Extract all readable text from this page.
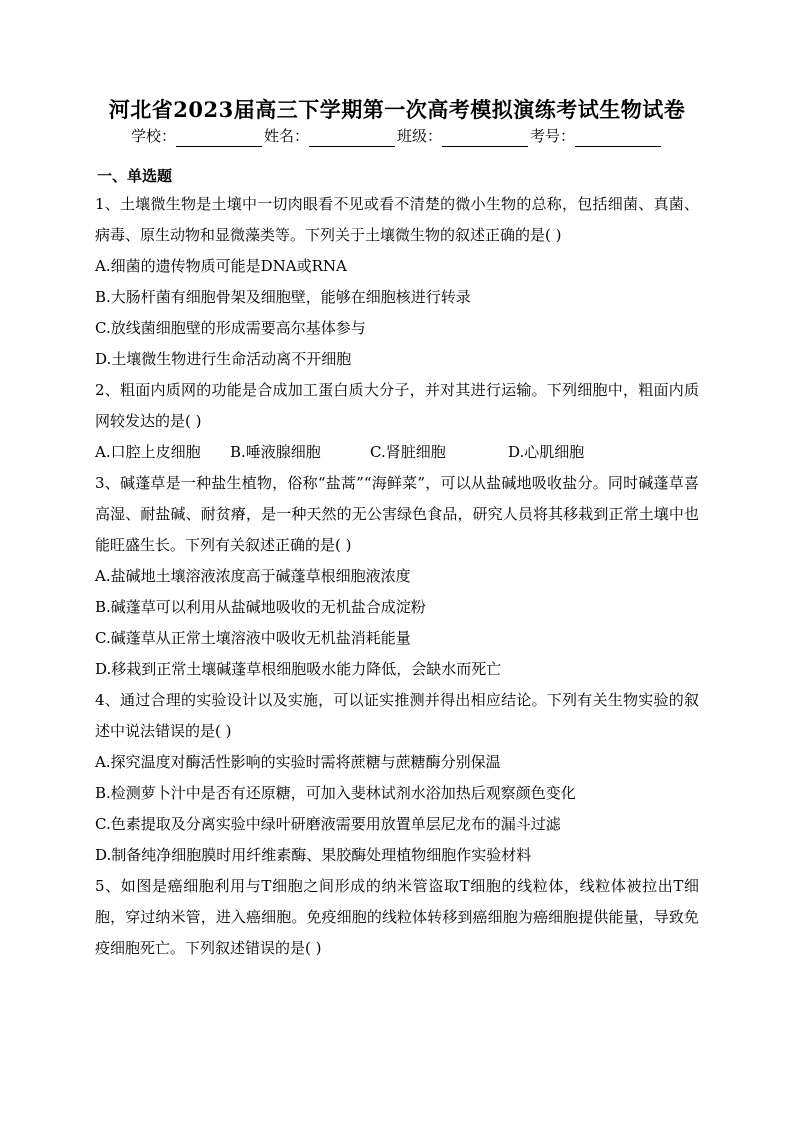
河北省2023届高三下学期第一次高考模拟演练考试生物试卷
学校：	姓名：	班级：	考号：
一、单选题
1、土壤微生物是土壤中一切肉眼看不见或看不清楚的微小生物的总称，包括细菌、真菌、病毒、原生动物和显微藻类等。下列关于土壤微生物的叙述正确的是( )
A.细菌的遗传物质可能是DNA或RNA
B.大肠杆菌有细胞骨架及细胞壁，能够在细胞核进行转录
C.放线菌细胞壁的形成需要高尔基体参与
D.土壤微生物进行生命活动离不开细胞
2、粗面内质网的功能是合成加工蛋白质大分子，并对其进行运输。下列细胞中，粗面内质网较发达的是( )
A.口腔上皮细胞	B.唾液腺细胞	C.肾脏细胞	D.心肌细胞
3、碱蓬草是一种盐生植物，俗称“盐蒿”“海鲜菜”，可以从盐碱地吸收盐分。同时碱蓬草喜高湿、耐盐碱、耐贫瘠，是一种天然的无公害绿色食品，研究人员将其移栽到正常土壤中也能旺盛生长。下列有关叙述正确的是( )
A.盐碱地土壤溶液浓度高于碱蓬草根细胞液浓度
B.碱蓬草可以利用从盐碱地吸收的无机盐合成淀粉
C.碱蓬草从正常土壤溶液中吸收无机盐消耗能量
D.移栽到正常土壤碱蓬草根细胞吸水能力降低，会缺水而死亡
4、通过合理的实验设计以及实施，可以证实推测并得出相应结论。下列有关生物实验的叙述中说法错误的是( )
A.探究温度对酶活性影响的实验时需将蔗糖与蔗糖酶分别保温
B.检测萝卜汁中是否有还原糖，可加入斐林试剂水浴加热后观察颜色变化
C.色素提取及分离实验中绿叶研磨液需要用放置单层尼龙布的漏斗过滤
D.制备纯净细胞膜时用纤维素酶、果胶酶处理植物细胞作实验材料
5、如图是癌细胞利用与T细胞之间形成的纳米管盗取T细胞的线粒体，线粒体被拉出T细胞，穿过纳米管，进入癌细胞。免疫细胞的线粒体转移到癌细胞为癌细胞提供能量，导致免疫细胞死亡。下列叙述错误的是( )
